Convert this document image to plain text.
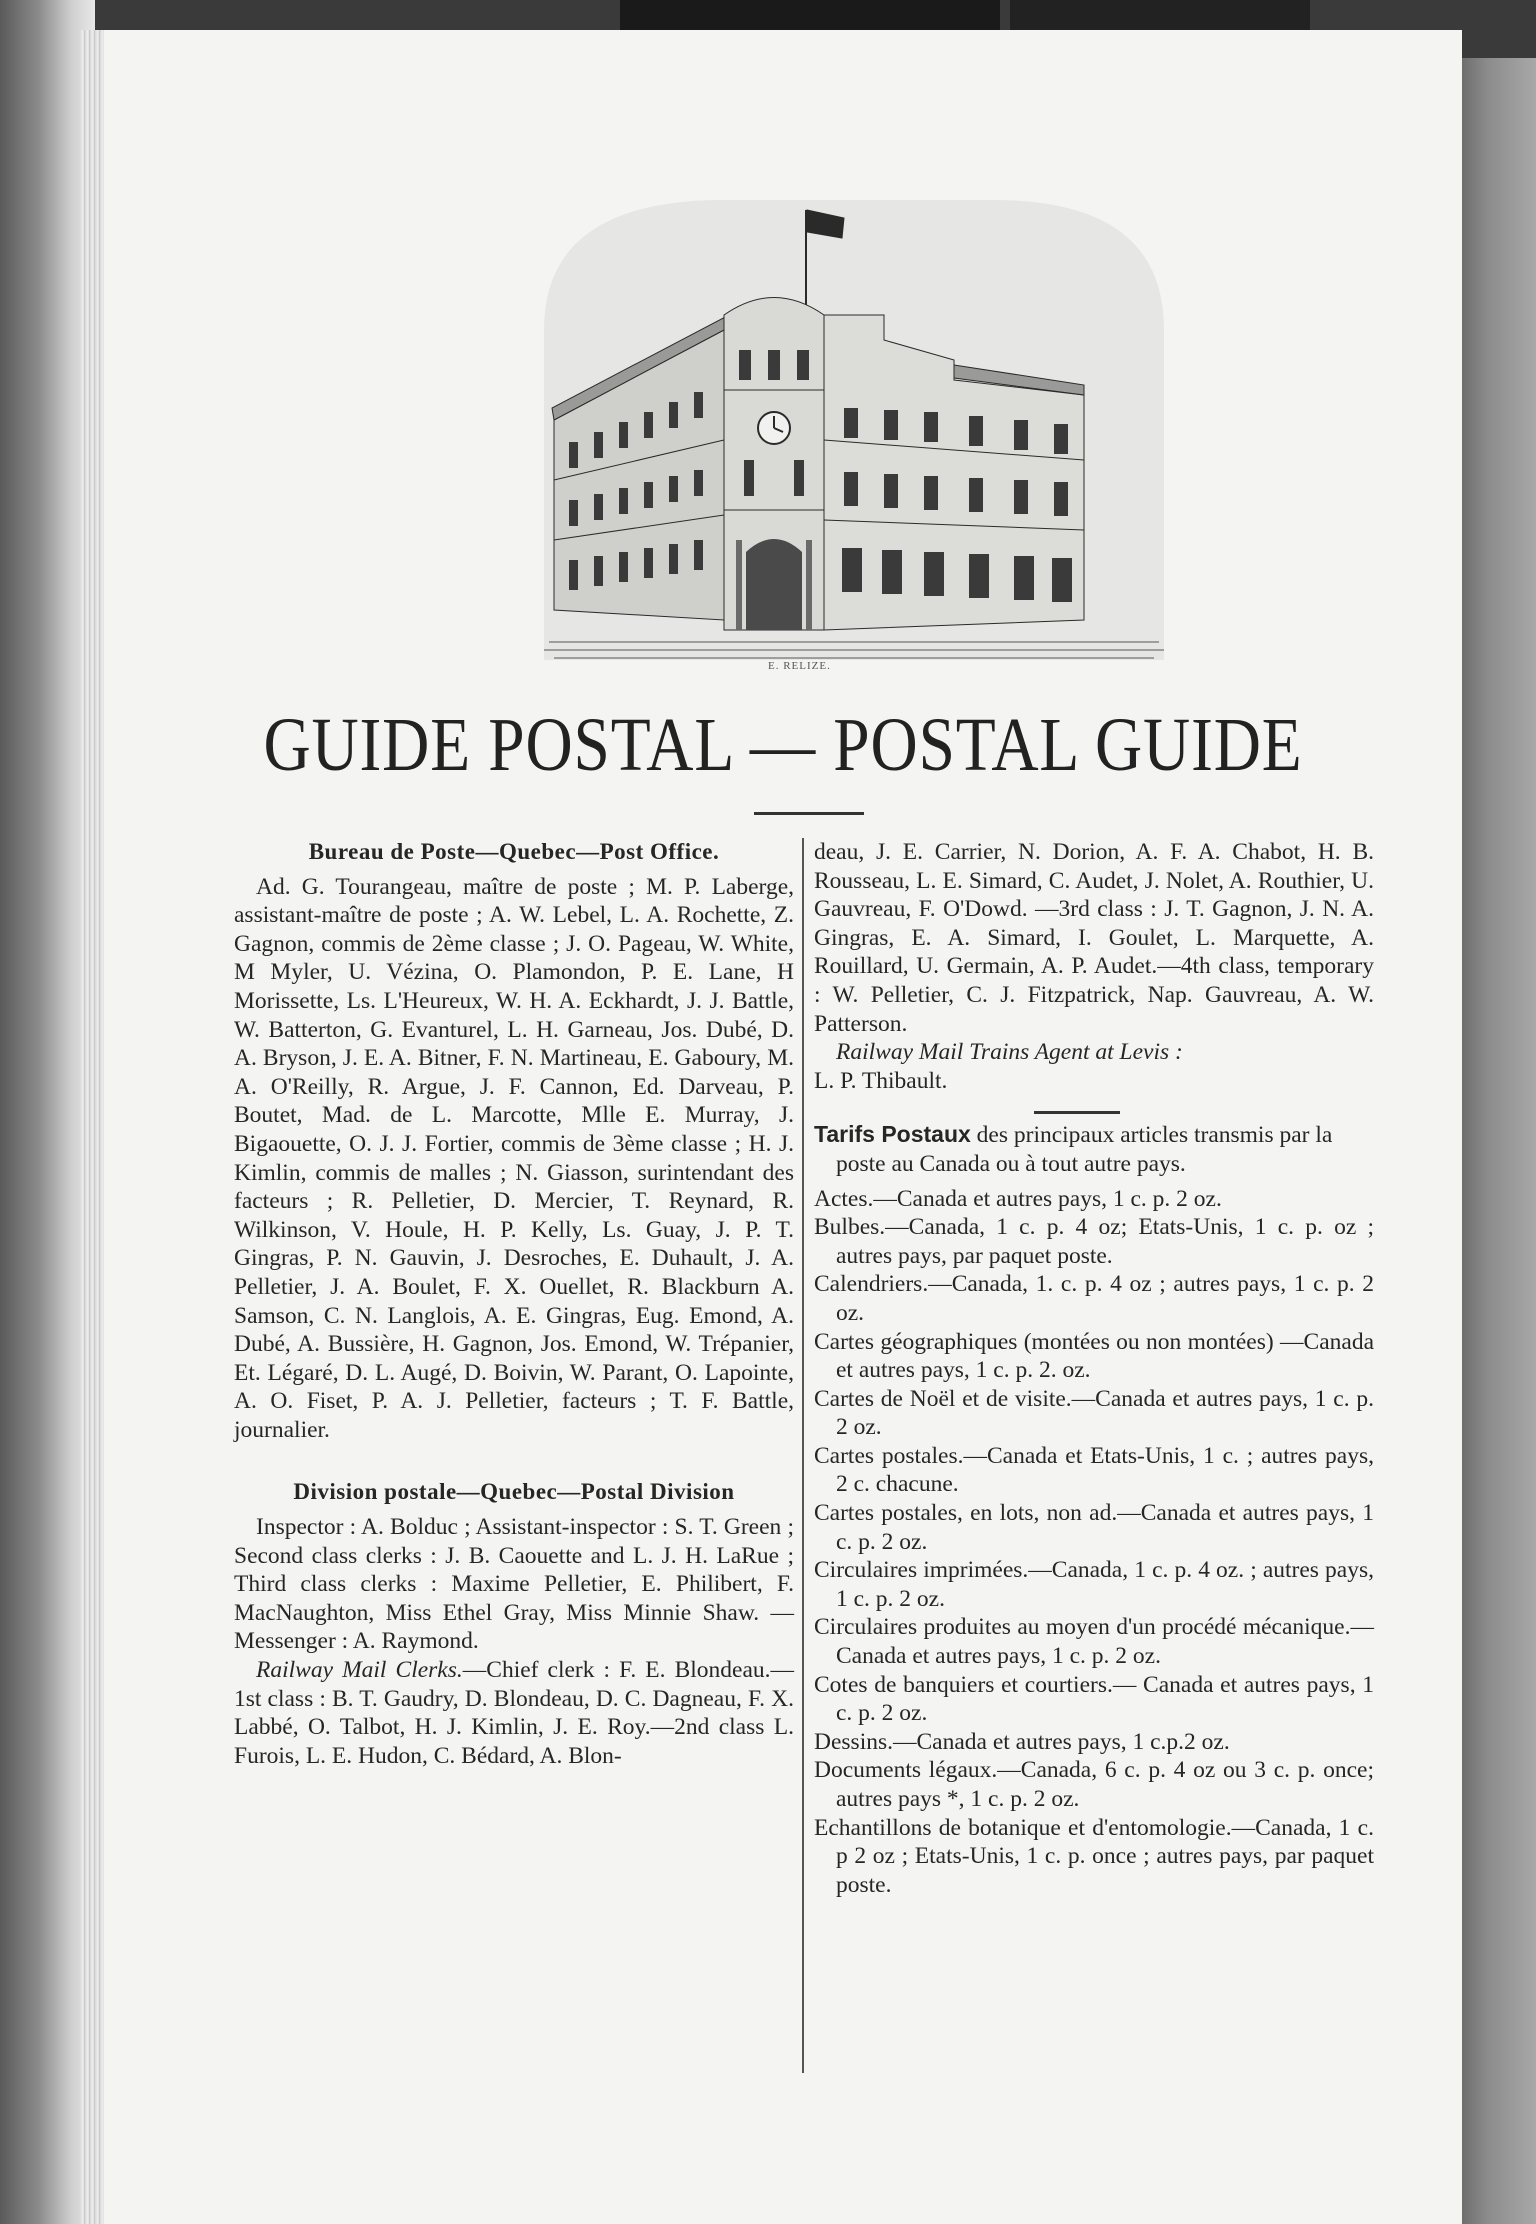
E. RELIZE.
GUIDE POSTAL — POSTAL GUIDE

Bureau de Poste—Quebec—Post Office.

Ad. G. Tourangeau, maître de poste ; M. P. Laberge, assistant-maître de poste ; A. W. Lebel, L. A. Rochette, Z. Gagnon, commis de 2ème classe ; J. O. Pageau, W. White, M Myler, U. Vézina, O. Plamondon, P. E. Lane, H Morissette, Ls. L'Heureux, W. H. A. Eckhardt, J. J. Battle, W. Batterton, G. Evanturel, L. H. Garneau, Jos. Dubé, D. A. Bryson, J. E. A. Bitner, F. N. Martineau, E. Gaboury, M. A. O'Reilly, R. Argue, J. F. Cannon, Ed. Darveau, P. Boutet, Mad. de L. Marcotte, Mlle E. Murray, J. Bigaouette, O. J. J. Fortier, commis de 3ème classe ; H. J. Kimlin, commis de malles ; N. Giasson, surintendant des facteurs ; R. Pelletier, D. Mercier, T. Reynard, R. Wilkinson, V. Houle, H. P. Kelly, Ls. Guay, J. P. T. Gingras, P. N. Gauvin, J. Desroches, E. Duhault, J. A. Pelletier, J. A. Boulet, F. X. Ouellet, R. Blackburn A. Samson, C. N. Langlois, A. E. Gingras, Eug. Emond, A. Dubé, A. Bussière, H. Gagnon, Jos. Emond, W. Trépanier, Et. Légaré, D. L. Augé, D. Boivin, W. Parant, O. Lapointe, A. O. Fiset, P. A. J. Pelletier, facteurs ; T. F. Battle, journalier.

Division postale—Quebec—Postal Division

Inspector : A. Bolduc ; Assistant-inspector : S. T. Green ; Second class clerks : J. B. Caouette and L. J. H. LaRue ; Third class clerks : Maxime Pelletier, E. Philibert, F. MacNaughton, Miss Ethel Gray, Miss Minnie Shaw. — Messenger : A. Raymond.

Railway Mail Clerks.—Chief clerk : F. E. Blondeau.—1st class : B. T. Gaudry, D. Blondeau, D. C. Dagneau, F. X. Labbé, O. Talbot, H. J. Kimlin, J. E. Roy.—2nd class L. Furois, L. E. Hudon, C. Bédard, A. Blon-

deau, J. E. Carrier, N. Dorion, A. F. A. Chabot, H. B. Rousseau, L. E. Simard, C. Audet, J. Nolet, A. Routhier, U. Gauvreau, F. O'Dowd. —3rd class : J. T. Gagnon, J. N. A. Gingras, E. A. Simard, I. Goulet, L. Marquette, A. Rouillard, U. Germain, A. P. Audet.—4th class, temporary : W. Pelletier, C. J. Fitzpatrick, Nap. Gauvreau, A. W. Patterson.

Railway Mail Trains Agent at Levis :

L. P. Thibault.

Tarifs Postaux des principaux articles transmis par la poste au Canada ou à tout autre pays.

Actes.—Canada et autres pays, 1 c. p. 2 oz.

Bulbes.—Canada, 1 c. p. 4 oz; Etats-Unis, 1 c. p. oz ; autres pays, par paquet poste.

Calendriers.—Canada, 1. c. p. 4 oz ; autres pays, 1 c. p. 2 oz.

Cartes géographiques (montées ou non montées) —Canada et autres pays, 1 c. p. 2. oz.

Cartes de Noël et de visite.—Canada et autres pays, 1 c. p. 2 oz.

Cartes postales.—Canada et Etats-Unis, 1 c. ; autres pays, 2 c. chacune.

Cartes postales, en lots, non ad.—Canada et autres pays, 1 c. p. 2 oz.

Circulaires imprimées.—Canada, 1 c. p. 4 oz. ; autres pays, 1 c. p. 2 oz.

Circulaires produites au moyen d'un procédé mécanique.—Canada et autres pays, 1 c. p. 2 oz.

Cotes de banquiers et courtiers.— Canada et autres pays, 1 c. p. 2 oz.

Dessins.—Canada et autres pays, 1 c.p.2 oz.

Documents légaux.—Canada, 6 c. p. 4 oz ou 3 c. p. once; autres pays *, 1 c. p. 2 oz.

Echantillons de botanique et d'entomologie.—Canada, 1 c. p 2 oz ; Etats-Unis, 1 c. p. once ; autres pays, par paquet poste.
